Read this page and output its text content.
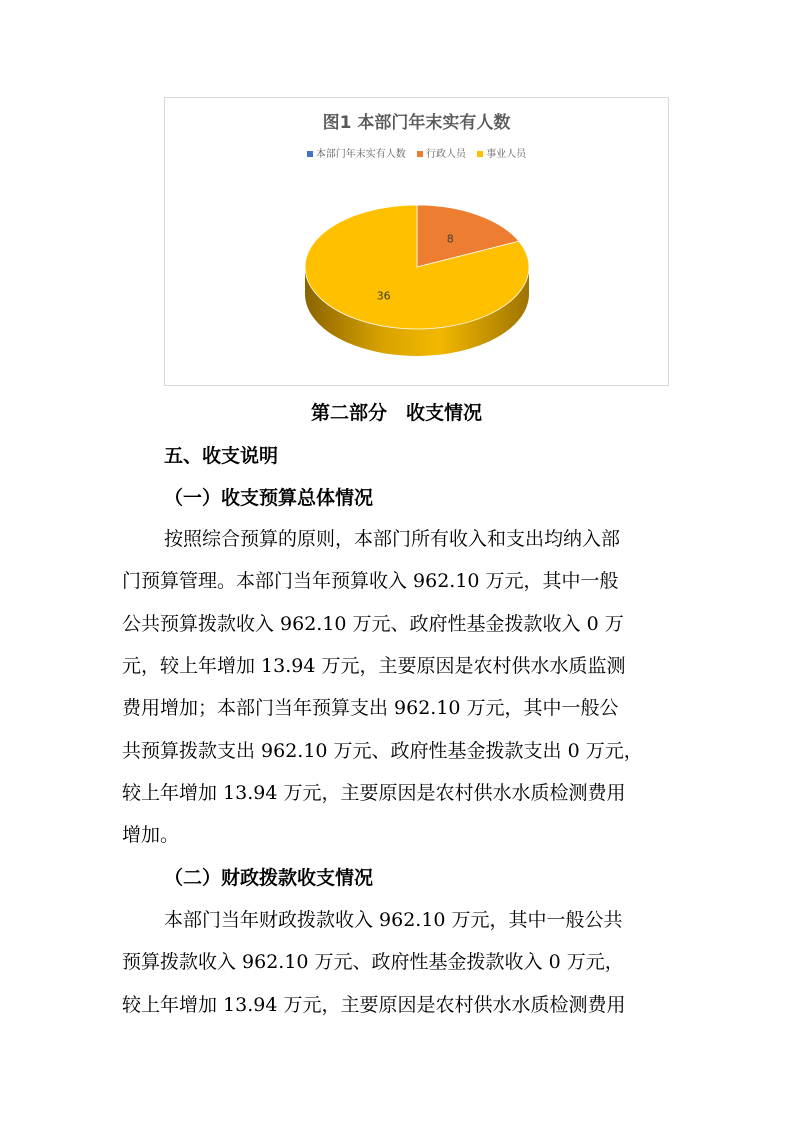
图1 本部门年末实有人数
本部门年末实有人数 行政人员 事业人员
8
36
第二部分　收支情况
五、收支说明
（一）收支预算总体情况
按照综合预算的原则，本部门所有收入和支出均纳入部
门预算管理。本部门当年预算收入 962.10 万元，其中一般
公共预算拨款收入 962.10 万元、政府性基金拨款收入 0 万
元，较上年增加 13.94 万元，主要原因是农村供水水质监测
费用增加；本部门当年预算支出 962.10 万元，其中一般公
共预算拨款支出 962.10 万元、政府性基金拨款支出 0 万元，
较上年增加 13.94 万元，主要原因是农村供水水质检测费用
增加。
（二）财政拨款收支情况
本部门当年财政拨款收入 962.10 万元，其中一般公共
预算拨款收入 962.10 万元、政府性基金拨款收入 0 万元，
较上年增加 13.94 万元，主要原因是农村供水水质检测费用
